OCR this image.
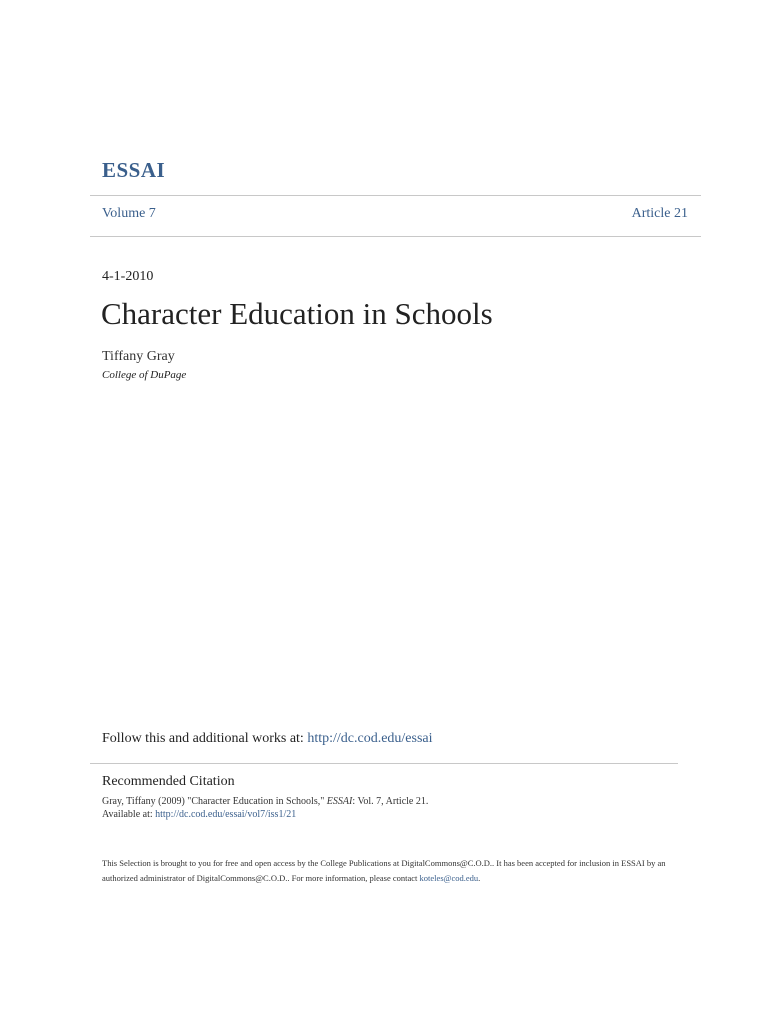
ESSAI
Volume 7	Article 21
4-1-2010
Character Education in Schools
Tiffany Gray
College of DuPage
Follow this and additional works at: http://dc.cod.edu/essai
Recommended Citation
Gray, Tiffany (2009) "Character Education in Schools," ESSAI: Vol. 7, Article 21.
Available at: http://dc.cod.edu/essai/vol7/iss1/21
This Selection is brought to you for free and open access by the College Publications at DigitalCommons@C.O.D.. It has been accepted for inclusion in ESSAI by an authorized administrator of DigitalCommons@C.O.D.. For more information, please contact koteles@cod.edu.
